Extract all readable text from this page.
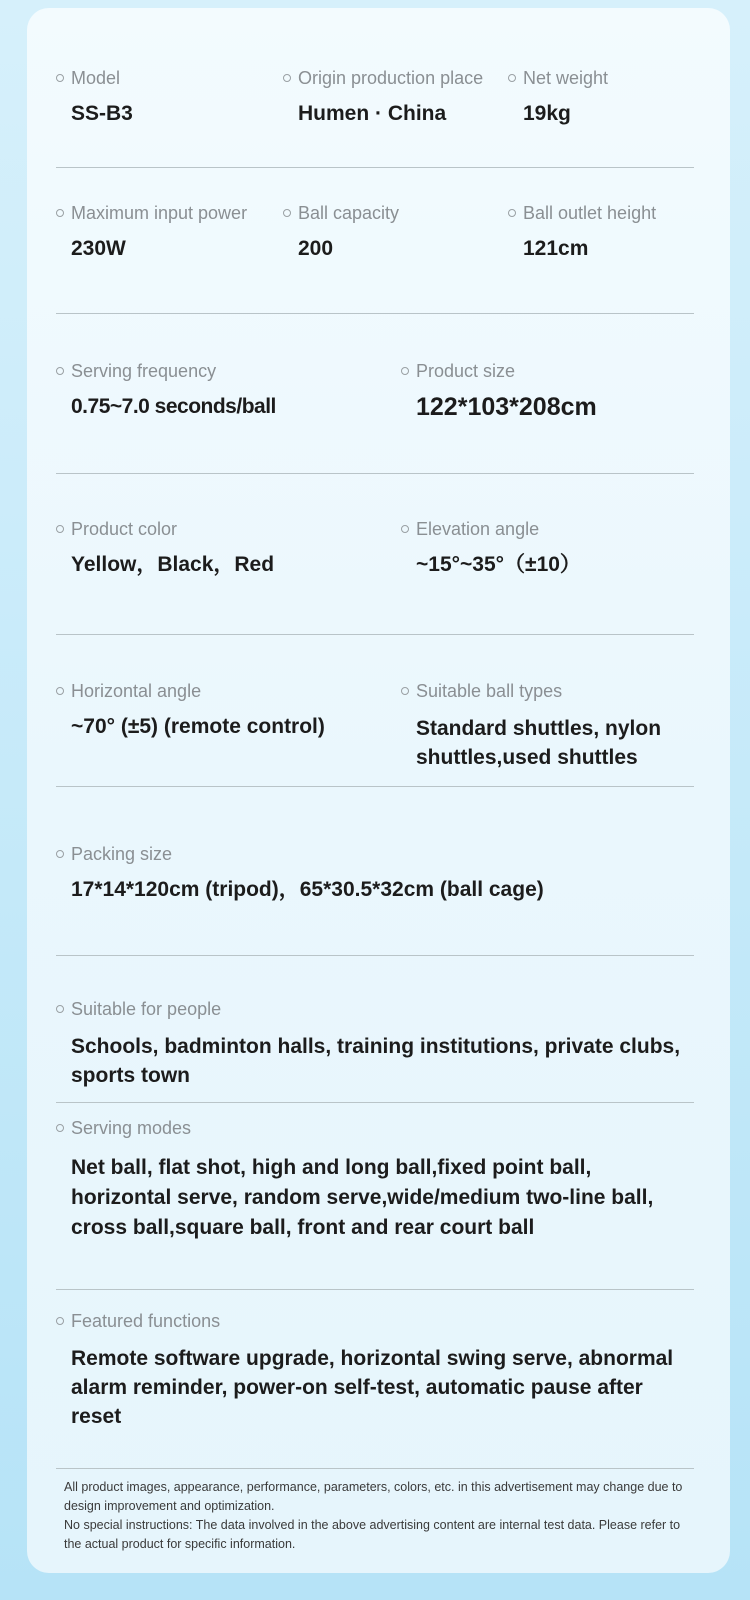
Model
SS-B3
Origin production place
Humen · China
Net weight
19kg
Maximum input power
230W
Ball capacity
200
Ball outlet height
121cm
Serving frequency
0.75~7.0 seconds/ball
Product size
122*103*208cm
Product color
Yellow，Black，Red
Elevation angle
~15°~35°（±10）
Horizontal angle
~70° (±5) (remote control)
Suitable ball types
Standard shuttles, nylon shuttles,used shuttles
Packing size
17*14*120cm (tripod)，65*30.5*32cm (ball cage)
Suitable for people
Schools, badminton halls, training institutions, private clubs, sports town
Serving modes
Net ball, flat shot, high and long ball,fixed point ball, horizontal serve, random serve,wide/medium two-line ball, cross ball,square ball, front and rear court ball
Featured functions
Remote software upgrade, horizontal swing serve, abnormal alarm reminder, power-on self-test, automatic pause after reset

All product images, appearance, performance, parameters, colors, etc. in this advertisement may change due to design improvement and optimization.

No special instructions: The data involved in the above advertising content are internal test data. Please refer to the actual product for specific information.
